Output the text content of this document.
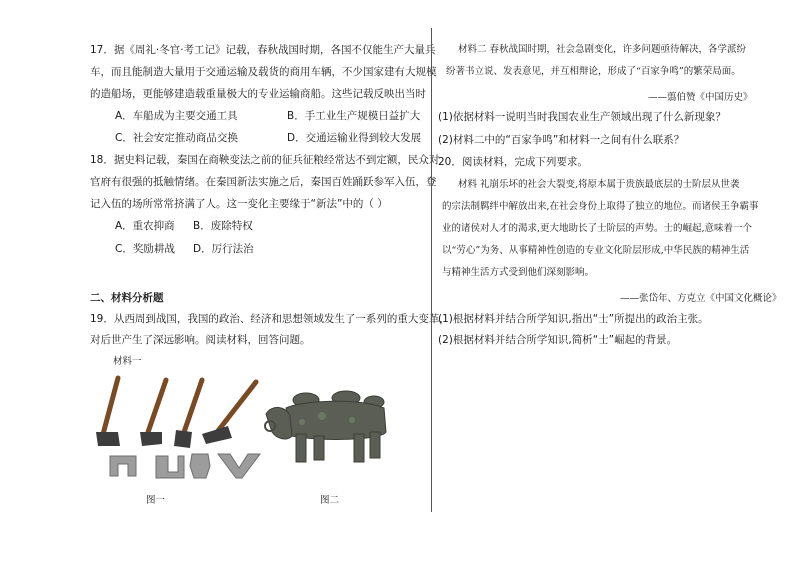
17．据《周礼·冬官·考工记》记载，春秋战国时期，各国不仅能生产大量兵
车，而且能制造大量用于交通运输及载货的商用车辆，不少国家建有大规模
的造船场，更能够建造载重量极大的专业运输商船。这些记载反映出当时
A．车船成为主要交通工具	B．手工业生产规模日益扩大
C．社会安定推动商品交换	D．交通运输业得到较大发展
18．据史料记载，秦国在商鞅变法之前的征兵征粮经常达不到定额，民众对
官府有很强的抵触情绪。在秦国新法实施之后，秦国百姓踊跃参军入伍，登
记入伍的场所常常挤满了人。这一变化主要缘于“新法”中的（ ）
A．重农抑商 B．废除特权
C．奖励耕战 D．厉行法治
二、材料分析题
19．从西周到战国，我国的政治、经济和思想领域发生了一系列的重大变革，
对后世产生了深远影响。阅读材料，回答问题。
材料一
图一	图二
材料二 春秋战国时期，社会急剧变化，许多问题亟待解决，各学派纷
纷著书立说、发表意见，并互相辩论，形成了“百家争鸣”的繁荣局面。
——翦伯赞《中国历史》
(1)依据材料一说明当时我国农业生产领域出现了什么新现象？
(2)材料二中的“百家争鸣”和材料一之间有什么联系？
20．阅读材料，完成下列要求。
材料 礼崩乐坏的社会大裂变,将原本属于贵族最底层的士阶层从世袭
的宗法制羁绊中解放出来,在社会身份上取得了独立的地位。而诸侯王争霸事
业的诸侯对人才的渴求,更大地助长了士阶层的声势。士的崛起,意味着一个
以“劳心”为务、从事精神性创造的专业文化阶层形成,中华民族的精神生活
与精神生活方式受到他们深刻影响。
——张岱年、方克立《中国文化概论》
(1)根据材料并结合所学知识,指出“士”所提出的政治主张。
(2)根据材料并结合所学知识,简析“士”崛起的背景。
